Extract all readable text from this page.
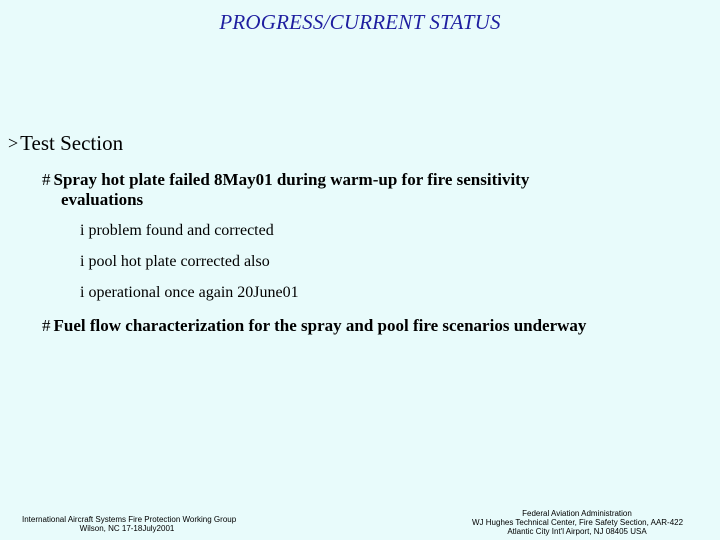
PROGRESS/CURRENT STATUS
> Test Section
# Spray hot plate failed 8May01 during warm-up for fire sensitivity
evaluations
i problem found and corrected
i pool hot plate corrected also
i operational once again 20June01
# Fuel flow characterization for the spray and pool fire scenarios underway
International Aircraft Systems Fire Protection Working Group
Wilson, NC 17-18July2001
Federal Aviation Administration
WJ Hughes Technical Center, Fire Safety Section, AAR-422
Atlantic City Int'l Airport, NJ 08405 USA
